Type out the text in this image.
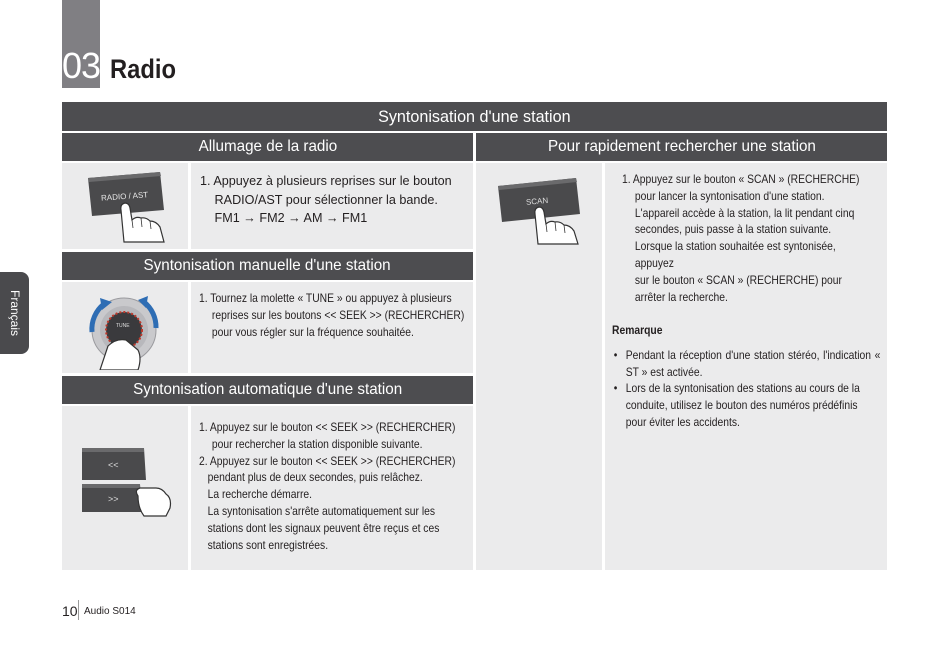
03 Radio
Français
Syntonisation d'une station
Allumage de la radio	Pour rapidement rechercher une station
RADIO / AST

1. Appuyez à plusieurs reprises sur le bouton

RADIO/AST pour sélectionner la bande.

FM1 → FM2 → AM → FM1

Syntonisation manuelle d'une station
TUNE

1. Tournez la molette « TUNE » ou appuyez à plusieurs

reprises sur les boutons << SEEK >> (RECHERCHER)

pour vous régler sur la fréquence souhaitée.

Syntonisation automatique d'une station
<<
>>

1. Appuyez sur le bouton << SEEK >> (RECHERCHER)

pour rechercher la station disponible suivante.

2. Appuyez sur le bouton << SEEK >> (RECHERCHER)

pendant plus de deux secondes, puis relâchez.

La recherche démarre.

La syntonisation s'arrête automatiquement sur les

stations dont les signaux peuvent être reçus et ces

stations sont enregistrées.

SCAN

1. Appuyez sur le bouton « SCAN » (RECHERCHE)

pour lancer la syntonisation d'une station.

L'appareil accède à la station, la lit pendant cinq

secondes, puis passe à la station suivante.

Lorsque la station souhaitée est syntonisée,

appuyez

sur le bouton « SCAN » (RECHERCHE) pour

arrêter la recherche.

Remarque

• Pendant la réception d'une station stéréo, l'indication « ST » est activée.

• Lors de la syntonisation des stations au cours de la conduite, utilisez le bouton des numéros prédéfinis pour éviter les accidents.

10 Audio S014
